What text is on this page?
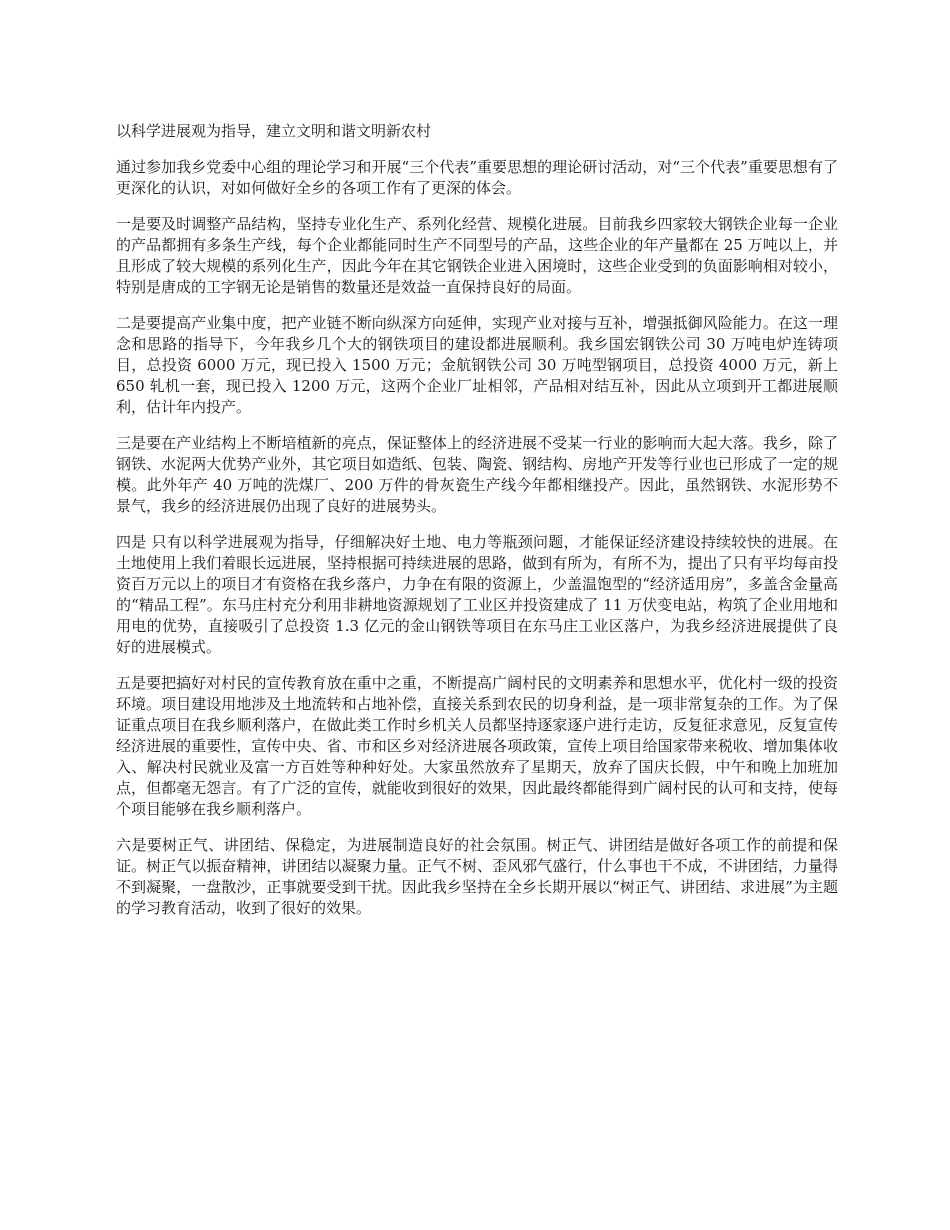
以科学进展观为指导，建立文明和谐文明新农村

通过参加我乡党委中心组的理论学习和开展“三个代表”重要思想的理论研讨活动，对“三个代表”重要思想有了更深化的认识，对如何做好全乡的各项工作有了更深的体会。

一是要及时调整产品结构，坚持专业化生产、系列化经营、规模化进展。目前我乡四家较大钢铁企业每一企业的产品都拥有多条生产线，每个企业都能同时生产不同型号的产品，这些企业的年产量都在 25 万吨以上，并且形成了较大规模的系列化生产，因此今年在其它钢铁企业进入困境时，这些企业受到的负面影响相对较小，特别是唐成的工字钢无论是销售的数量还是效益一直保持良好的局面。

二是要提高产业集中度，把产业链不断向纵深方向延伸，实现产业对接与互补，增强抵御风险能力。在这一理念和思路的指导下，今年我乡几个大的钢铁项目的建设都进展顺利。我乡国宏钢铁公司 30 万吨电炉连铸项目，总投资 6000 万元，现已投入 1500 万元；金航钢铁公司 30 万吨型钢项目，总投资 4000 万元，新上 650 轧机一套，现已投入 1200 万元，这两个企业厂址相邻，产品相对结互补，因此从立项到开工都进展顺利，估计年内投产。

三是要在产业结构上不断培植新的亮点，保证整体上的经济进展不受某一行业的影响而大起大落。我乡，除了钢铁、水泥两大优势产业外，其它项目如造纸、包装、陶瓷、钢结构、房地产开发等行业也已形成了一定的规模。此外年产 40 万吨的洗煤厂、200 万件的骨灰瓷生产线今年都相继投产。因此，虽然钢铁、水泥形势不景气，我乡的经济进展仍出现了良好的进展势头。

四是 只有以科学进展观为指导，仔细解决好土地、电力等瓶颈问题，才能保证经济建设持续较快的进展。在土地使用上我们着眼长远进展，坚持根据可持续进展的思路，做到有所为，有所不为，提出了只有平均每亩投资百万元以上的项目才有资格在我乡落户，力争在有限的资源上，少盖温饱型的“经济适用房”，多盖含金量高的“精品工程”。东马庄村充分利用非耕地资源规划了工业区并投资建成了 11 万伏变电站，构筑了企业用地和用电的优势，直接吸引了总投资 1.3 亿元的金山钢铁等项目在东马庄工业区落户，为我乡经济进展提供了良好的进展模式。

五是要把搞好对村民的宣传教育放在重中之重，不断提高广阔村民的文明素养和思想水平，优化村一级的投资环境。项目建设用地涉及土地流转和占地补偿，直接关系到农民的切身利益，是一项非常复杂的工作。为了保证重点项目在我乡顺利落户，在做此类工作时乡机关人员都坚持逐家逐户进行走访，反复征求意见，反复宣传经济进展的重要性，宣传中央、省、市和区乡对经济进展各项政策，宣传上项目给国家带来税收、增加集体收入、解决村民就业及富一方百姓等种种好处。大家虽然放弃了星期天，放弃了国庆长假，中午和晚上加班加点，但都毫无怨言。有了广泛的宣传，就能收到很好的效果，因此最终都能得到广阔村民的认可和支持，使每个项目能够在我乡顺利落户。

六是要树正气、讲团结、保稳定，为进展制造良好的社会氛围。树正气、讲团结是做好各项工作的前提和保证。树正气以振奋精神，讲团结以凝聚力量。正气不树、歪风邪气盛行，什么事也干不成，不讲团结，力量得不到凝聚，一盘散沙，正事就要受到干扰。因此我乡坚持在全乡长期开展以“树正气、讲团结、求进展”为主题的学习教育活动，收到了很好的效果。
